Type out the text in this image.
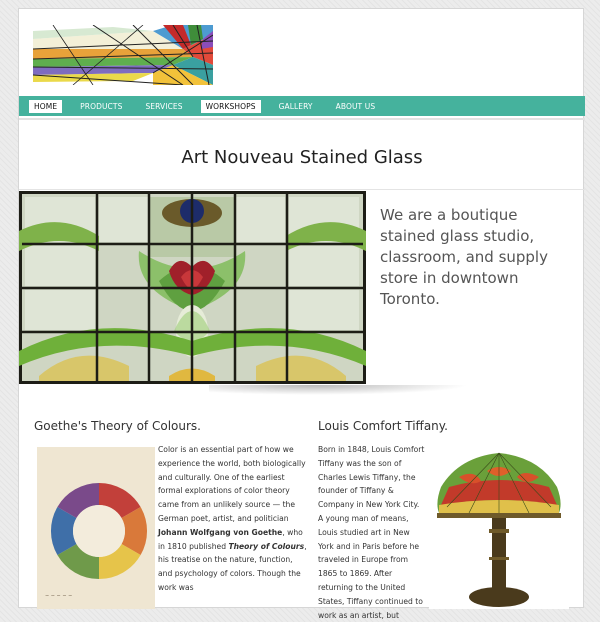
HOME	PRODUCTS	SERVICES	WORKSHOPS	GALLERY	ABOUT US
Art Nouveau Stained Glass
We are a boutique stained glass studio, classroom, and supply store in downtown Toronto.
Goethe's Theory of Colours.	Louis Comfort Tiffany.
~ ~ ~ ~ ~

Color is an essential part of how we experience the world, both biologically and culturally. One of the earliest formal explorations of color theory came from an unlikely source — the German poet, artist, and politician Johann Wolfgang von Goethe, who in 1810 published Theory of Colours, his treatise on the nature, function, and psychology of colors. Though the work was

Born in 1848, Louis Comfort Tiffany was the son of Charles Lewis Tiffany, the founder of Tiffany & Company in New York City. A young man of means, Louis studied art in New York and in Paris before he traveled in Europe from 1865 to 1869. After returning to the United States, Tiffany continued to work as an artist, but
